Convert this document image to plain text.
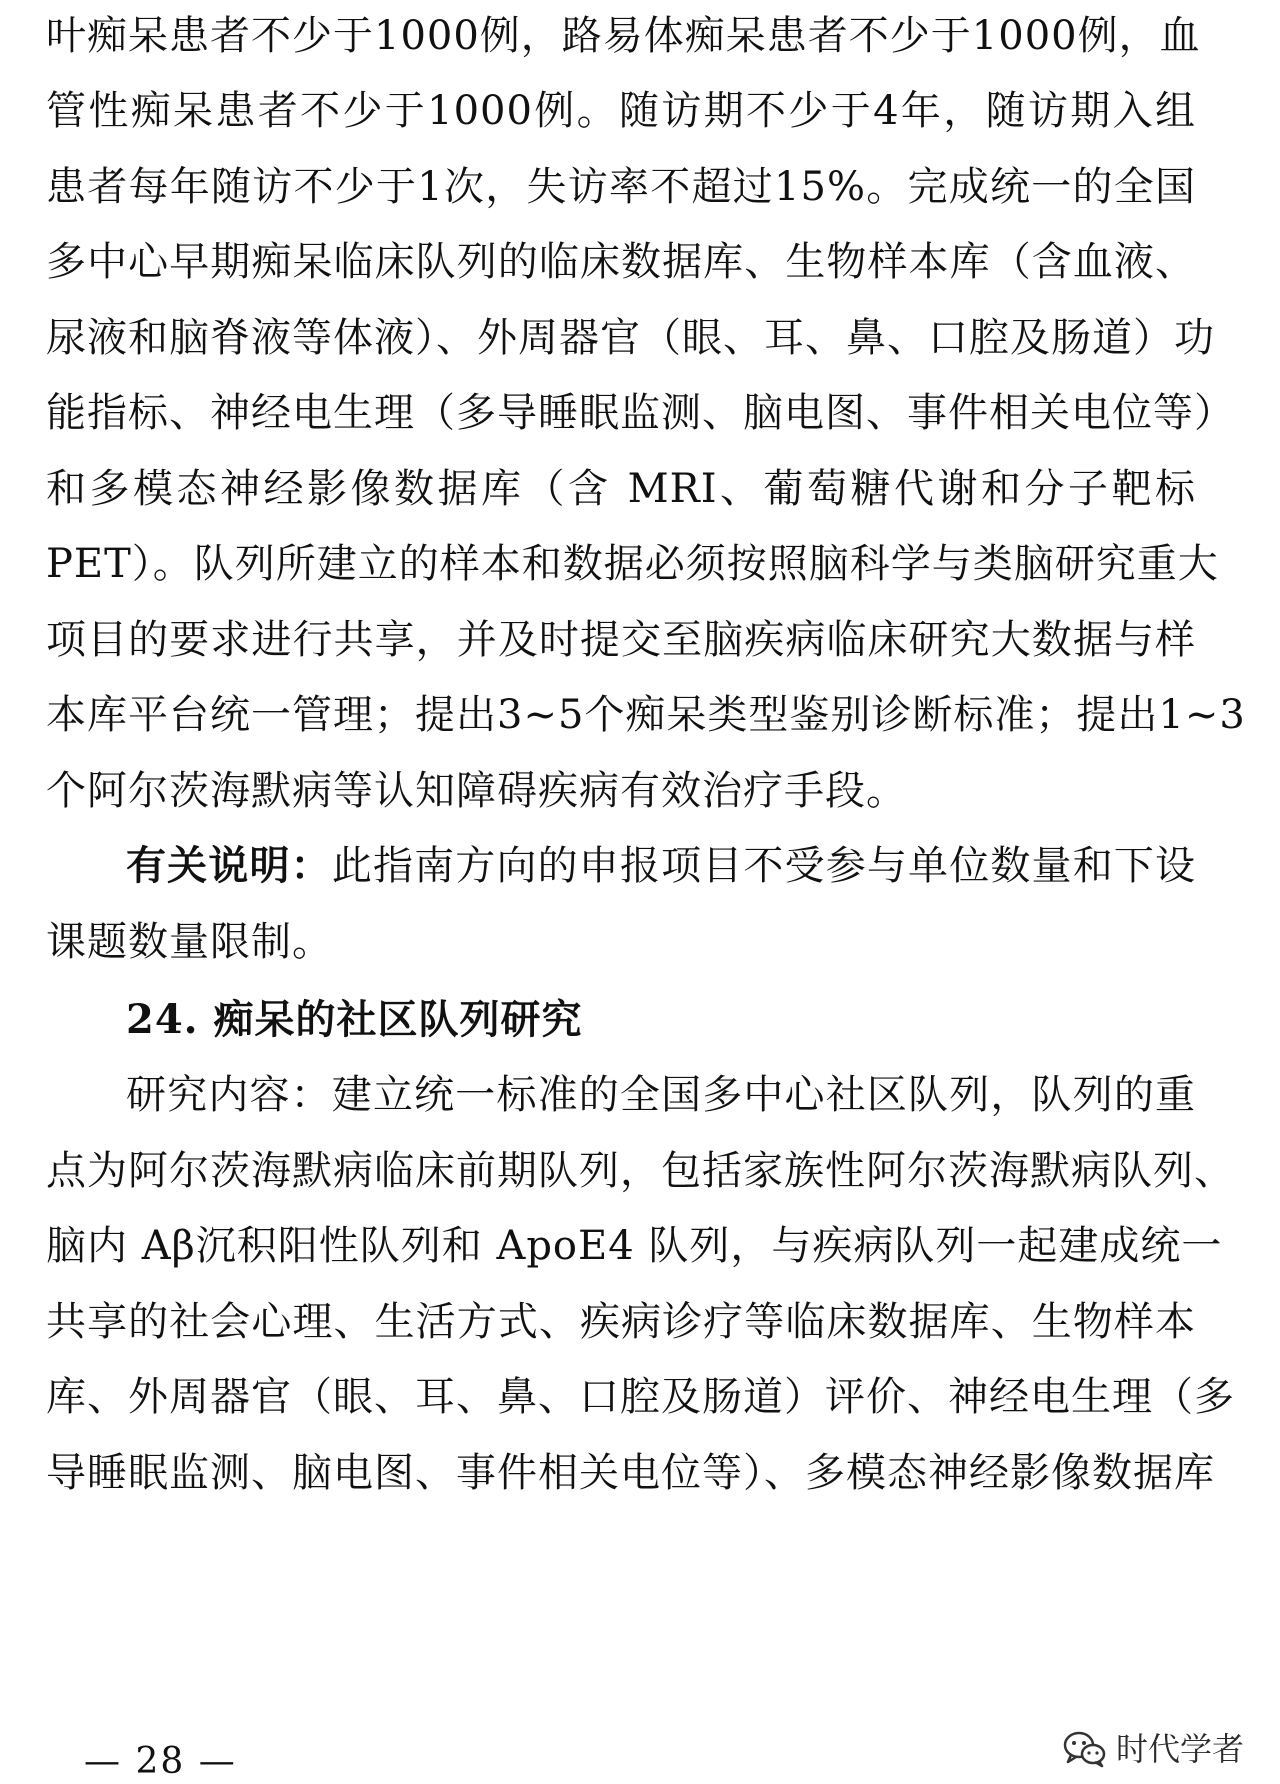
叶痴呆患者不少于1000例，路易体痴呆患者不少于1000例，血
管性痴呆患者不少于1000例。随访期不少于4年，随访期入组
患者每年随访不少于1次，失访率不超过15%。完成统一的全国
多中心早期痴呆临床队列的临床数据库、生物样本库（含血液、
尿液和脑脊液等体液）、外周器官（眼、耳、鼻、口腔及肠道）功
能指标、神经电生理（多导睡眠监测、脑电图、事件相关电位等）
和多模态神经影像数据库（含 MRI、葡萄糖代谢和分子靶标
PET）。队列所建立的样本和数据必须按照脑科学与类脑研究重大
项目的要求进行共享，并及时提交至脑疾病临床研究大数据与样
本库平台统一管理；提出3~5个痴呆类型鉴别诊断标准；提出1~3
个阿尔茨海默病等认知障碍疾病有效治疗手段。
有关说明：此指南方向的申报项目不受参与单位数量和下设
课题数量限制。
24. 痴呆的社区队列研究
研究内容：建立统一标准的全国多中心社区队列，队列的重
点为阿尔茨海默病临床前期队列，包括家族性阿尔茨海默病队列、
脑内 Aβ沉积阳性队列和 ApoE4 队列，与疾病队列一起建成统一
共享的社会心理、生活方式、疾病诊疗等临床数据库、生物样本
库、外周器官（眼、耳、鼻、口腔及肠道）评价、神经电生理（多
导睡眠监测、脑电图、事件相关电位等）、多模态神经影像数据库
— 28 —	时代学者
